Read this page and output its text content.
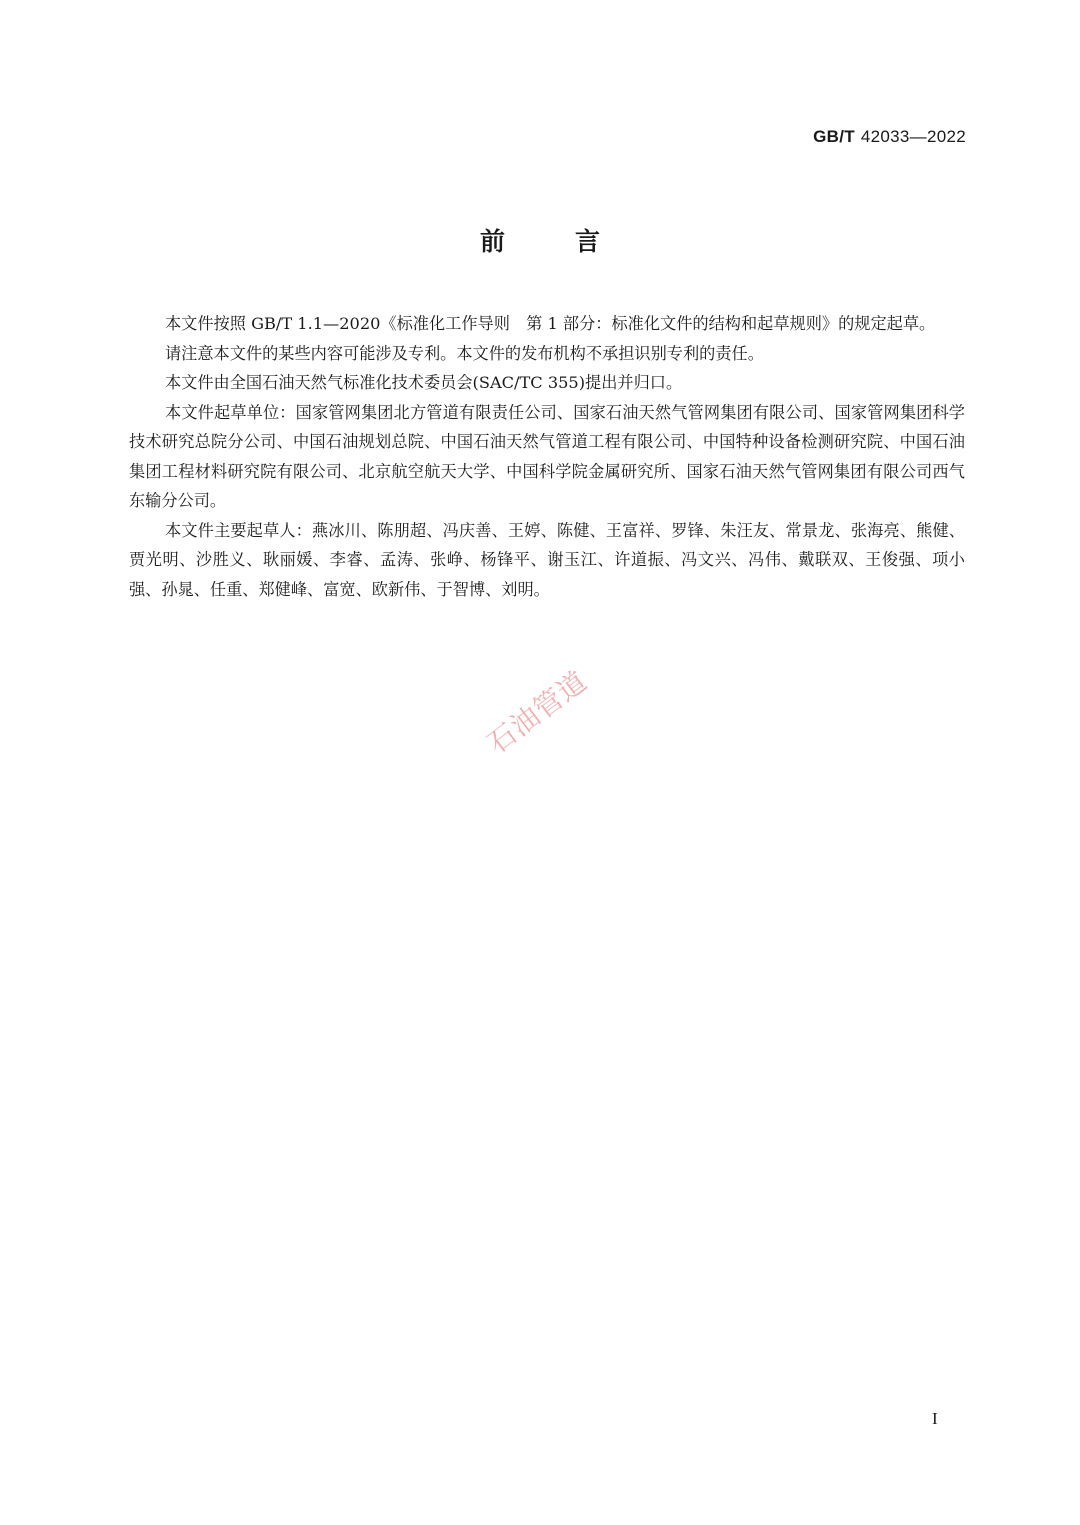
GB/T 42033—2022
前言

本文件按照 GB/T 1.1—2020《标准化工作导则　第 1 部分：标准化文件的结构和起草规则》的规定起草。

请注意本文件的某些内容可能涉及专利。本文件的发布机构不承担识别专利的责任。

本文件由全国石油天然气标准化技术委员会(SAC/TC 355)提出并归口。

本文件起草单位：国家管网集团北方管道有限责任公司、国家石油天然气管网集团有限公司、国家管网集团科学技术研究总院分公司、中国石油规划总院、中国石油天然气管道工程有限公司、中国特种设备检测研究院、中国石油集团工程材料研究院有限公司、北京航空航天大学、中国科学院金属研究所、国家石油天然气管网集团有限公司西气东输分公司。

本文件主要起草人：燕冰川、陈朋超、冯庆善、王婷、陈健、王富祥、罗锋、朱汪友、常景龙、张海亮、熊健、贾光明、沙胜义、耿丽媛、李睿、孟涛、张峥、杨锋平、谢玉江、许道振、冯文兴、冯伟、戴联双、王俊强、项小强、孙晁、任重、郑健峰、富宽、欧新伟、于智博、刘明。

石油管道
I
